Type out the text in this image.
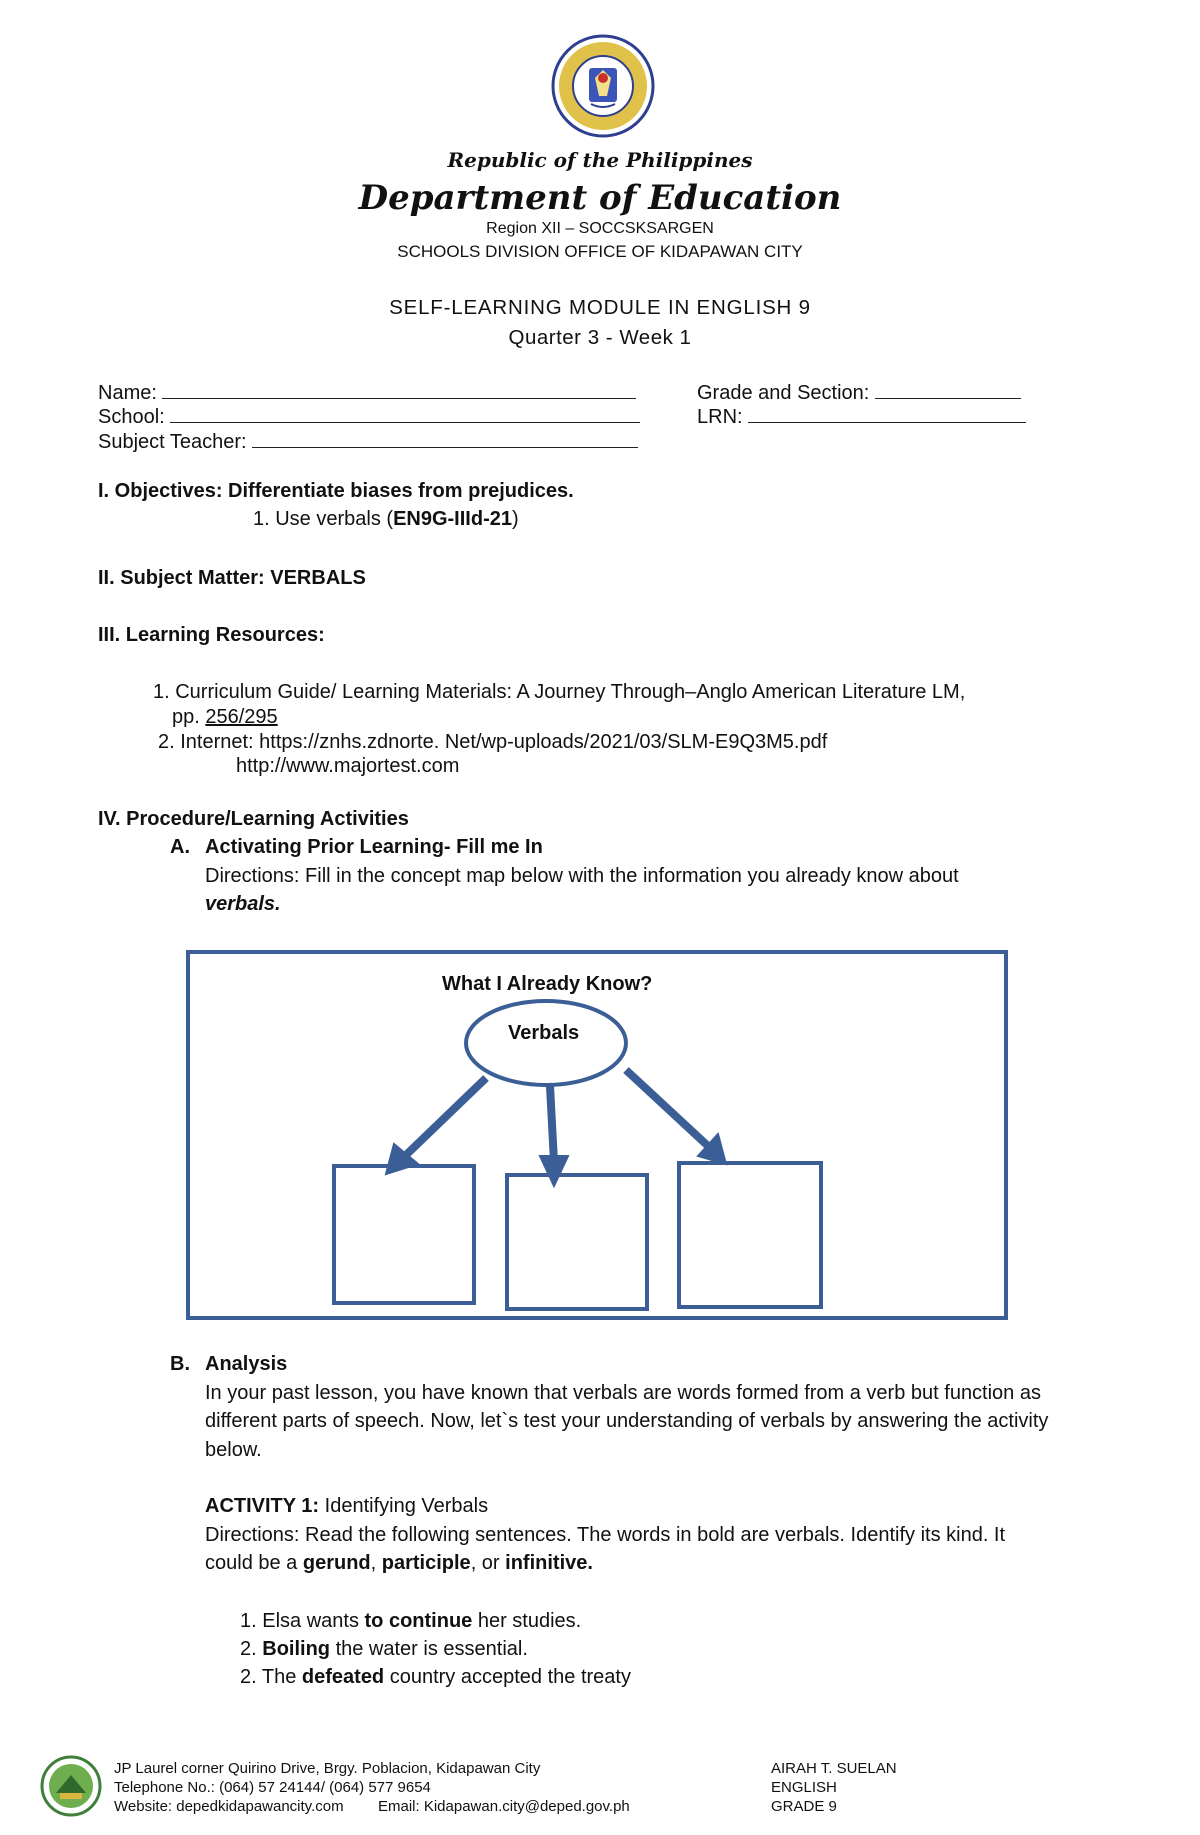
Republic of the Philippines
Department of Education
Region XII – SOCCSKSARGEN
SCHOOLS DIVISION OFFICE OF KIDAPAWAN CITY
SELF-LEARNING MODULE IN ENGLISH 9
Quarter 3 - Week 1
Name:
School:
Subject Teacher:
Grade and Section:
LRN:
I. Objectives: Differentiate biases from prejudices.
1. Use verbals (EN9G-IIId-21)
II. Subject Matter: VERBALS
III. Learning Resources:
1. Curriculum Guide/ Learning Materials: A Journey Through–Anglo American Literature LM,
pp. 256/295
2. Internet: https://znhs.zdnorte. Net/wp-uploads/2021/03/SLM-E9Q3M5.pdf
http://www.majortest.com
IV. Procedure/Learning Activities
A. Activating Prior Learning- Fill me In
Directions: Fill in the concept map below with the information you already know about
verbals.
What I Already Know?
Verbals
B. Analysis
In your past lesson, you have known that verbals are words formed from a verb but function as
different parts of speech. Now, let`s test your understanding of verbals by answering the activity
below.
ACTIVITY 1: Identifying Verbals
Directions: Read the following sentences. The words in bold are verbals. Identify its kind. It
could be a gerund, participle, or infinitive.
1. Elsa wants to continue her studies.
2. Boiling the water is essential.
2. The defeated country accepted the treaty
JP Laurel corner Quirino Drive, Brgy. Poblacion, Kidapawan City
Telephone No.: (064) 57 24144/ (064) 577 9654
Website: depedkidapawancity.com Email: Kidapawan.city@deped.gov.ph
AIRAH T. SUELAN
ENGLISH
GRADE 9
